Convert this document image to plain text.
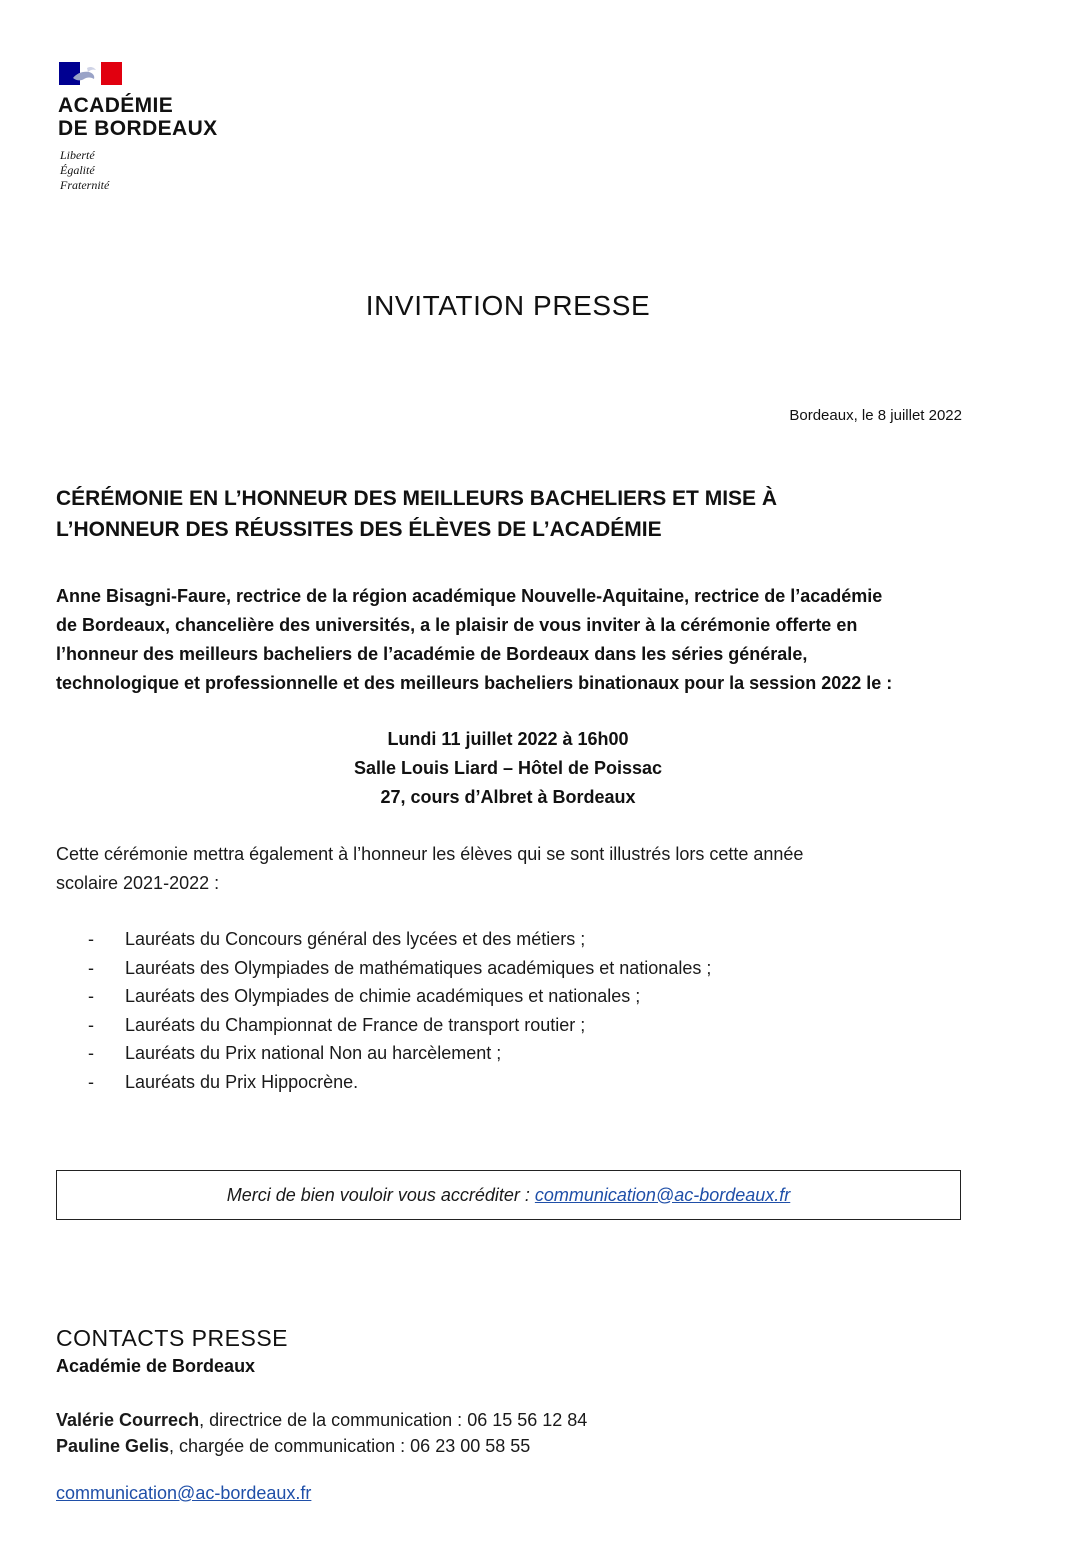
ACADÉMIE
DE BORDEAUX
Liberté
Égalité
Fraternité
INVITATION PRESSE
Bordeaux, le 8 juillet 2022
CÉRÉMONIE EN L’HONNEUR DES MEILLEURS BACHELIERS ET MISE À
L’HONNEUR DES RÉUSSITES DES ÉLÈVES DE L’ACADÉMIE
Anne Bisagni-Faure, rectrice de la région académique Nouvelle-Aquitaine, rectrice de l’académie
de Bordeaux, chancelière des universités, a le plaisir de vous inviter à la cérémonie offerte en
l’honneur des meilleurs bacheliers de l’académie de Bordeaux dans les séries générale,
technologique et professionnelle et des meilleurs bacheliers binationaux pour la session 2022 le :
Lundi 11 juillet 2022 à 16h00
Salle Louis Liard – Hôtel de Poissac
27, cours d’Albret à Bordeaux
Cette cérémonie mettra également à l’honneur les élèves qui se sont illustrés lors cette année
scolaire 2021-2022 :
-	Lauréats du Concours général des lycées et des métiers ;
-	Lauréats des Olympiades de mathématiques académiques et nationales ;
-	Lauréats des Olympiades de chimie académiques et nationales ;
-	Lauréats du Championnat de France de transport routier ;
-	Lauréats du Prix national Non au harcèlement ;
-	Lauréats du Prix Hippocrène.
Merci de bien vouloir vous accréditer : communication@ac-bordeaux.fr
CONTACTS PRESSE
Académie de Bordeaux
Valérie Courrech, directrice de la communication : 06 15 56 12 84
Pauline Gelis, chargée de communication : 06 23 00 58 55
communication@ac-bordeaux.fr
